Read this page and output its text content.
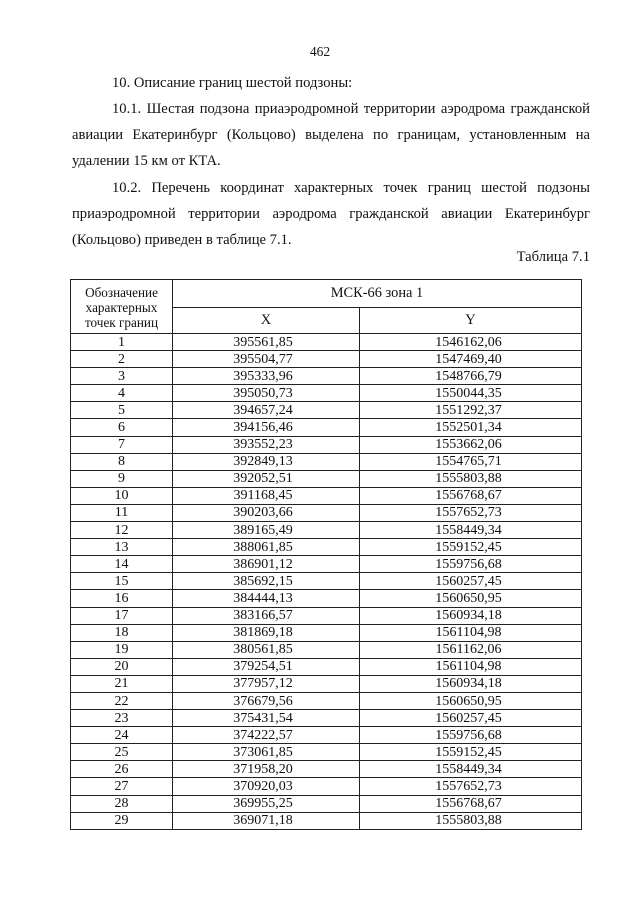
462

10. Описание границ шестой подзоны:

10.1. Шестая подзона приаэродромной территории аэродрома гражданской авиации Екатеринбург (Кольцово) выделена по границам, установленным на удалении 15 км от КТА.

10.2. Перечень координат характерных точек границ шестой подзоны приаэродромной территории аэродрома гражданской авиации Екатеринбург (Кольцово) приведен в таблице 7.1.

Таблица 7.1
Обозначение характерных точек границ	МСК-66 зона 1	
	X	Y
1	395561,85	1546162,06
2	395504,77	1547469,40
3	395333,96	1548766,79
4	395050,73	1550044,35
5	394657,24	1551292,37
6	394156,46	1552501,34
7	393552,23	1553662,06
8	392849,13	1554765,71
9	392052,51	1555803,88
10	391168,45	1556768,67
11	390203,66	1557652,73
12	389165,49	1558449,34
13	388061,85	1559152,45
14	386901,12	1559756,68
15	385692,15	1560257,45
16	384444,13	1560650,95
17	383166,57	1560934,18
18	381869,18	1561104,98
19	380561,85	1561162,06
20	379254,51	1561104,98
21	377957,12	1560934,18
22	376679,56	1560650,95
23	375431,54	1560257,45
24	374222,57	1559756,68
25	373061,85	1559152,45
26	371958,20	1558449,34
27	370920,03	1557652,73
28	369955,25	1556768,67
29	369071,18	1555803,88
